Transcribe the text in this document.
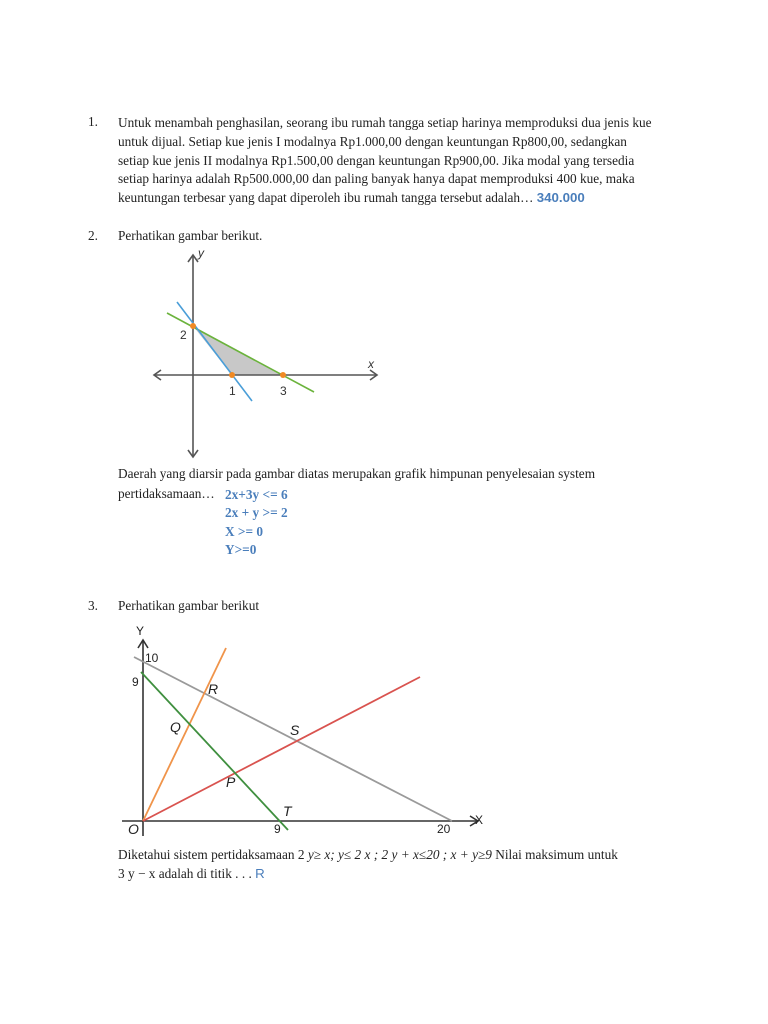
1.	Untuk menambah penghasilan, seorang ibu rumah tangga setiap harinya memproduksi dua jenis kue
untuk dijual. Setiap kue jenis I modalnya Rp1.000,00 dengan keuntungan Rp800,00, sedangkan
setiap kue jenis II modalnya Rp1.500,00 dengan keuntungan Rp900,00. Jika modal yang tersedia
setiap harinya adalah Rp500.000,00 dan paling banyak hanya dapat memproduksi 400 kue, maka
keuntungan terbesar yang dapat diperoleh ibu rumah tangga tersebut adalah… 340.000
2.	Perhatikan gambar berikut.
y
x
2
1	3
Daerah yang diarsir pada gambar diatas merupakan grafik himpunan penyelesaian system
pertidaksamaan… 2x+3y <= 6
2x + y >= 2
X >= 0
Y>=0
3.	Perhatikan gambar berikut
Y
X
10
9
O	9	20
R
Q	S
P
T
Diketahui sistem pertidaksamaan 2 y≥ x; y≤ 2 x ; 2 y + x≤20 ; x + y≥9 Nilai maksimum untuk
3 y − x adalah di titik . . . R
